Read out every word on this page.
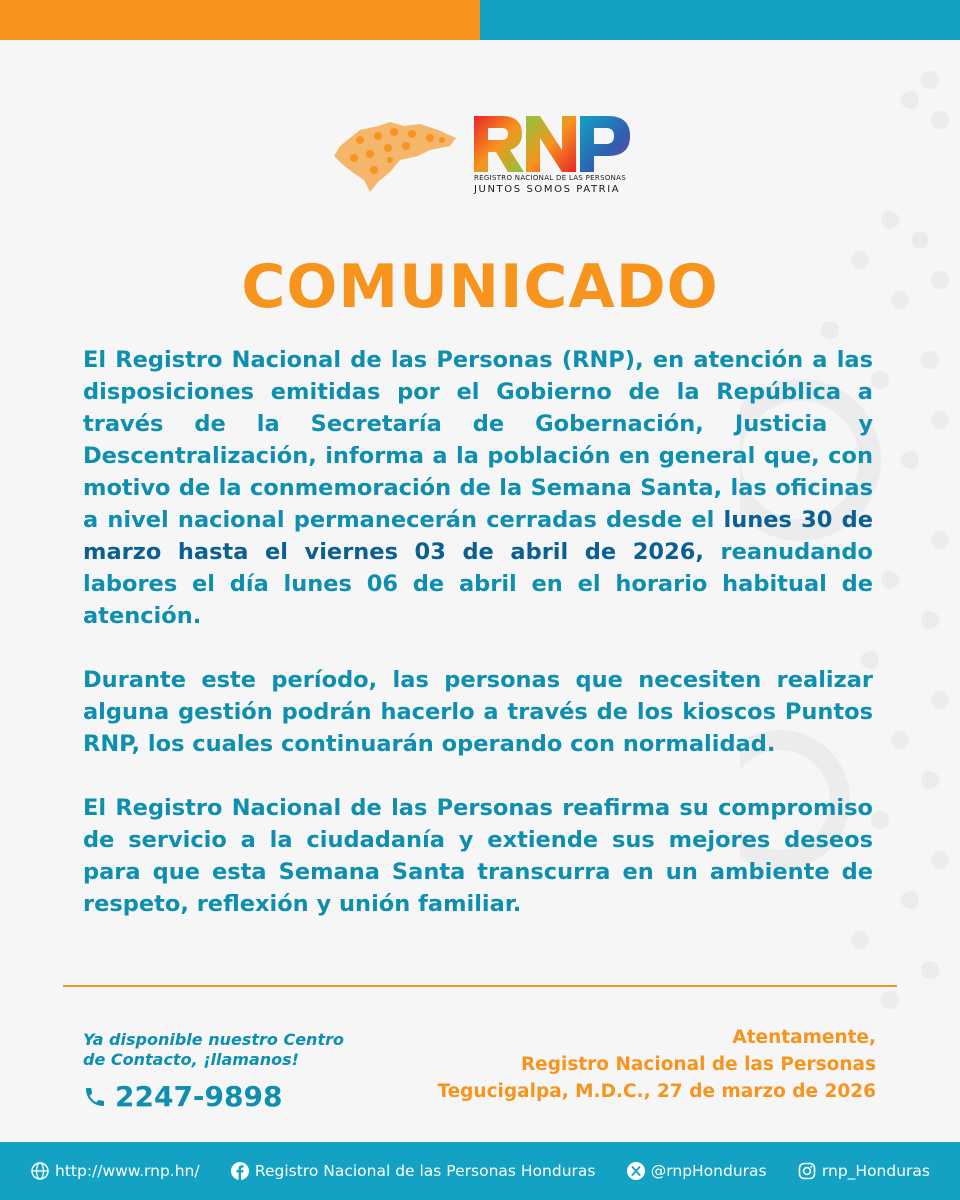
REGISTRO NACIONAL DE LAS PERSONAS
JUNTOS SOMOS PATRIA
COMUNICADO

El Registro Nacional de las Personas (RNP), en atención a las disposiciones emitidas por el Gobierno de la República a través de la Secretaría de Gobernación, Justicia y Descentralización, informa a la población en general que, con motivo de la conmemoración de la Semana Santa, las oficinas a nivel nacional permanecerán cerradas desde el lunes 30 de marzo hasta el viernes 03 de abril de 2026, reanudando labores el día lunes 06 de abril en el horario habitual de atención.

Durante este período, las personas que necesiten realizar alguna gestión podrán hacerlo a través de los kioscos Puntos RNP, los cuales continuarán operando con normalidad.

El Registro Nacional de las Personas reafirma su compromiso de servicio a la ciudadanía y extiende sus mejores deseos para que esta Semana Santa transcurra en un ambiente de respeto, reflexión y unión familiar.

Ya disponible nuestro Centro
de Contacto, ¡llamanos!
2247-9898
Atentamente,
Registro Nacional de las Personas
Tegucigalpa, M.D.C., 27 de marzo de 2026
http://www.rnp.hn/	Registro Nacional de las Personas Honduras	@rnpHonduras	rnp_Honduras
